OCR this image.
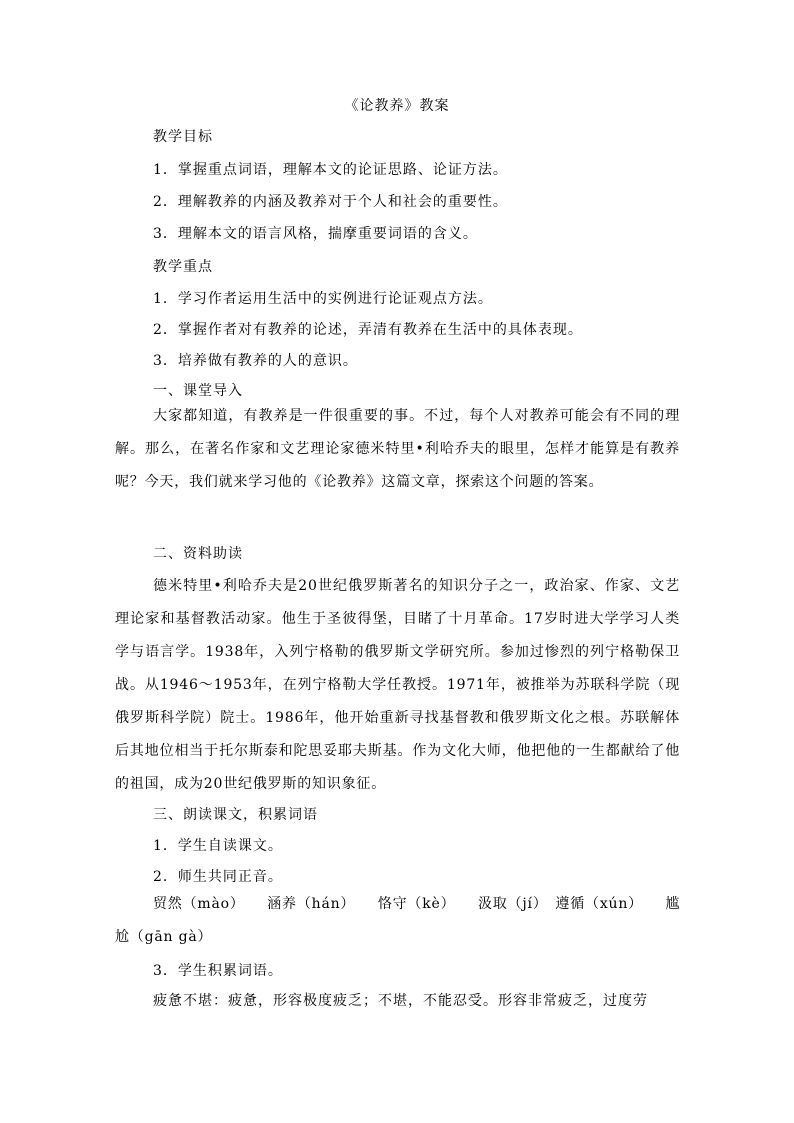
《论教养》教案
教学目标
1．掌握重点词语，理解本文的论证思路、论证方法。
2．理解教养的内涵及教养对于个人和社会的重要性。
3．理解本文的语言风格，揣摩重要词语的含义。
教学重点
1．学习作者运用生活中的实例进行论证观点方法。
2．掌握作者对有教养的论述，弄清有教养在生活中的具体表现。
3．培养做有教养的人的意识。
一、课堂导入
大家都知道，有教养是一件很重要的事。不过，每个人对教养可能会有不同的理解。那么，在著名作家和文艺理论家德米特里•利哈乔夫的眼里，怎样才能算是有教养呢？今天，我们就来学习他的《论教养》这篇文章，探索这个问题的答案。
二、资料助读
德米特里•利哈乔夫是20世纪俄罗斯著名的知识分子之一，政治家、作家、文艺理论家和基督教活动家。他生于圣彼得堡，目睹了十月革命。17岁时进大学学习人类学与语言学。1938年，入列宁格勒的俄罗斯文学研究所。参加过惨烈的列宁格勒保卫战。从1946～1953年，在列宁格勒大学任教授。1971年，被推举为苏联科学院（现俄罗斯科学院）院士。1986年，他开始重新寻找基督教和俄罗斯文化之根。苏联解体后其地位相当于托尔斯泰和陀思妥耶夫斯基。作为文化大师，他把他的一生都献给了他的祖国，成为20世纪俄罗斯的知识象征。
三、朗读课文，积累词语
1．学生自读课文。
2．师生共同正音。
贸然（mào）　　涵养（hán）　　恪守（kè）　　汲取（jí）　遵循（xún）　　尴尬（gān gà）
3．学生积累词语。
疲惫不堪：疲惫，形容极度疲乏；不堪，不能忍受。形容非常疲乏，过度劳
